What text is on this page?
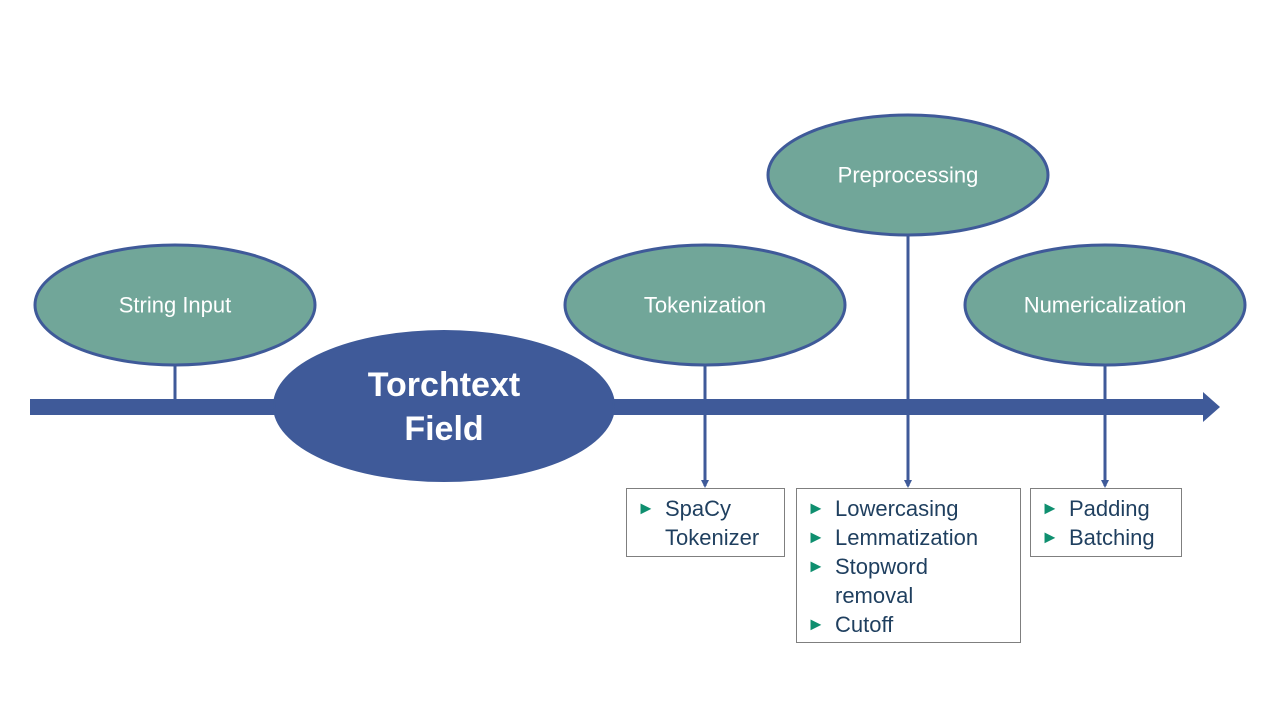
String Input	Tokenization
Preprocessing
Numericalization
Torchtext
Field
► SpaCy
Tokenizer
► Lowercasing
► Lemmatization
► Stopword
removal
► Cutoff
► Padding
► Batching
